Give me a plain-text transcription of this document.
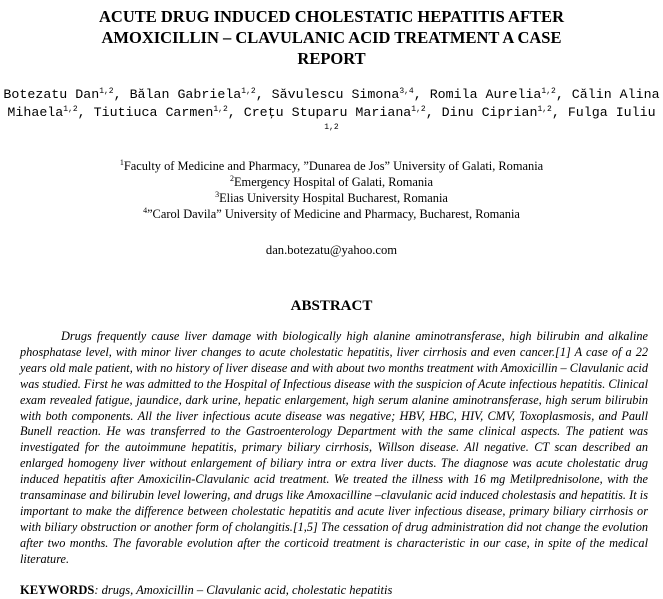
ACUTE DRUG INDUCED CHOLESTATIC HEPATITIS AFTER
AMOXICILLIN – CLAVULANIC ACID TREATMENT A CASE
REPORT
Botezatu Dan$^{1,2}$, Bălan Gabriela$^{1,2}$, Săvulescu Simona$^{3,4}$, Romila Aurelia$^{1,2}$, Călin Alina Mihaela$^{1,2}$, Tiutiuca Carmen$^{1,2}$, Creţu Stuparu Mariana$^{1,2}$, Dinu Ciprian$^{1,2}$, Fulga Iuliu $^{1,2}$
$^1$Faculty of Medicine and Pharmacy, ”Dunarea de Jos” University of Galati, Romania
$^2$Emergency Hospital of Galati, Romania
$^3$Elias University Hospital Bucharest, Romania
$^4$”Carol Davila” University of Medicine and Pharmacy, Bucharest, Romania
dan.botezatu@yahoo.com
ABSTRACT

Drugs frequently cause liver damage with biologically high alanine aminotransferase, high bilirubin and alkaline phosphatase level, with minor liver changes to acute cholestatic hepatitis, liver cirrhosis and even cancer.[1] A case of a 22 years old male patient, with no history of liver disease and with about two months treatment with Amoxicillin – Clavulanic acid was studied. First he was admitted to the Hospital of Infectious disease with the suspicion of Acute infectious hepatitis. Clinical exam revealed fatigue, jaundice, dark urine, hepatic enlargement, high serum alanine aminotransferase, high serum bilirubin with both components. All the liver infectious acute disease was negative; HBV, HBC, HIV, CMV, Toxoplasmosis, and Paull Bunell reaction. He was transferred to the Gastroenterology Department with the same clinical aspects. The patient was investigated for the autoimmune hepatitis, primary biliary cirrhosis, Willson disease. All negative. CT scan described an enlarged homogeny liver without enlargement of biliary intra or extra liver ducts. The diagnose was acute cholestatic drug induced hepatitis after Amoxicilin-Clavulanic acid treatment. We treated the illness with 16 mg Metilprednisolone, with the transaminase and bilirubin level lowering, and drugs like Amoxacilline –clavulanic acid induced cholestasis and hepatitis. It is important to make the difference between cholestatic hepatitis and acute liver infectious disease, primary biliary cirrhosis or with biliary obstruction or another form of cholangitis.[1,5] The cessation of drug administration did not change the evolution after two months. The favorable evolution after the corticoid treatment is characteristic in our case, in spite of the medical literature.

KEYWORDS: drugs, Amoxicillin – Clavulanic acid, cholestatic hepatitis
